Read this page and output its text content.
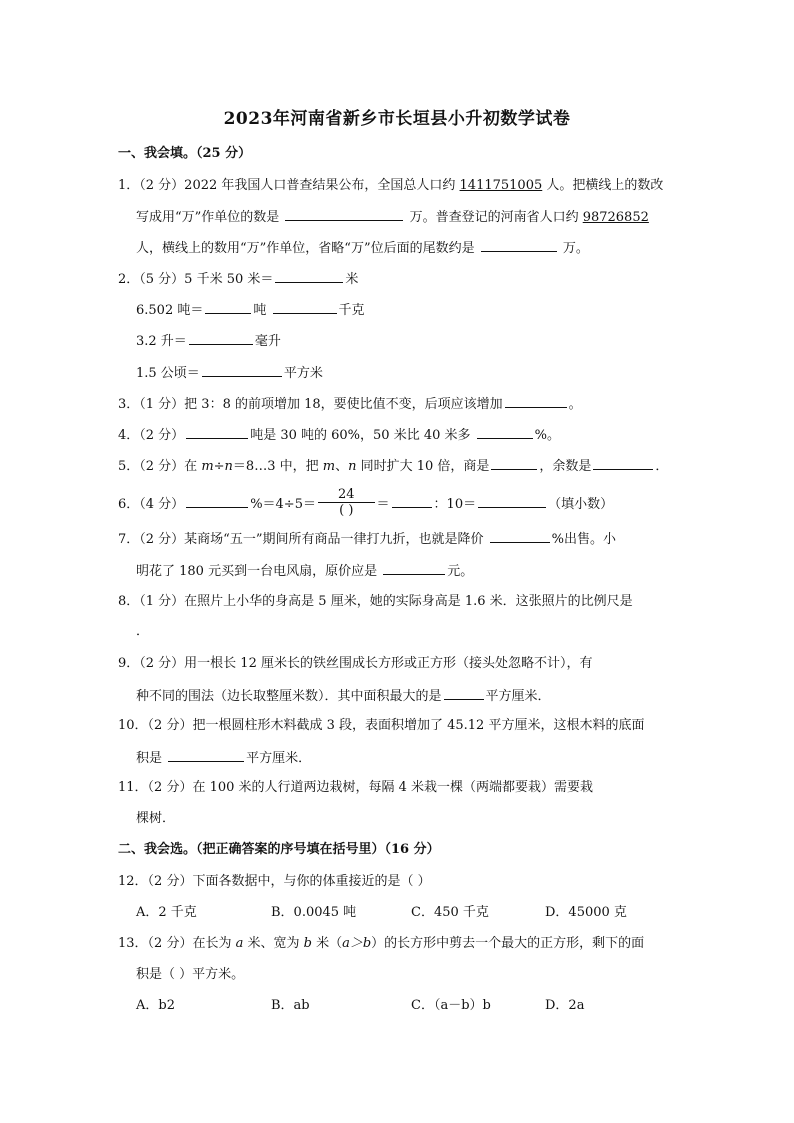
2023年河南省新乡市长垣县小升初数学试卷
一、我会填。（25 分）
1．（2 分）2022 年我国人口普查结果公布，全国总人口约 1411751005 人。把横线上的数改
写成用“万”作单位的数是	万。普查登记的河南省人口约 98726852
人，横线上的数用“万”作单位，省略“万”位后面的尾数约是	万。
2．（5 分）5 千米 50 米＝	米
6.502 吨＝	吨	千克
3.2 升＝	毫升
1.5 公顷＝	平方米
3．（1 分）把 3：8 的前项增加 18，要使比值不变，后项应该增加	。
4．（2 分）	吨是 30 吨的 60%，50 米比 40 米多	%。
5．（2 分）在 m÷n＝8…3 中，把 m、n 同时扩大 10 倍，商是	，余数是	．
6．（4 分）	$\%=4\div 5= \frac{24}{( )}$ ＝	：10＝	（填小数）
7．（2 分）某商场“五一”期间所有商品一律打九折，也就是降价	%出售。小
明花了 180 元买到一台电风扇，原价应是	元。
8．（1 分）在照片上小华的身高是 5 厘米，她的实际身高是 1.6 米．这张照片的比例尺是
．
9．（2 分）用一根长 12 厘米长的铁丝围成长方形或正方形（接头处忽略不计），有
种不同的围法（边长取整厘米数）．其中面积最大的是	平方厘米．
10．（2 分）把一根圆柱形木料截成 3 段，表面积增加了 45.12 平方厘米，这根木料的底面
积是	平方厘米．
11．（2 分）在 100 米的人行道两边栽树，每隔 4 米栽一棵（两端都要栽）需要栽
棵树．
二、我会选。（把正确答案的序号填在括号里）（16 分）
12．（2 分）下面各数据中，与你的体重接近的是（ ）
A．2 千克	B．0.0045 吨	C．450 千克	D．45000 克
13．（2 分）在长为 a 米、宽为 b 米（a＞b）的长方形中剪去一个最大的正方形，剩下的面
积是（ ）平方米。
A．b2	B．ab	C．（a－b）b	D．2a
